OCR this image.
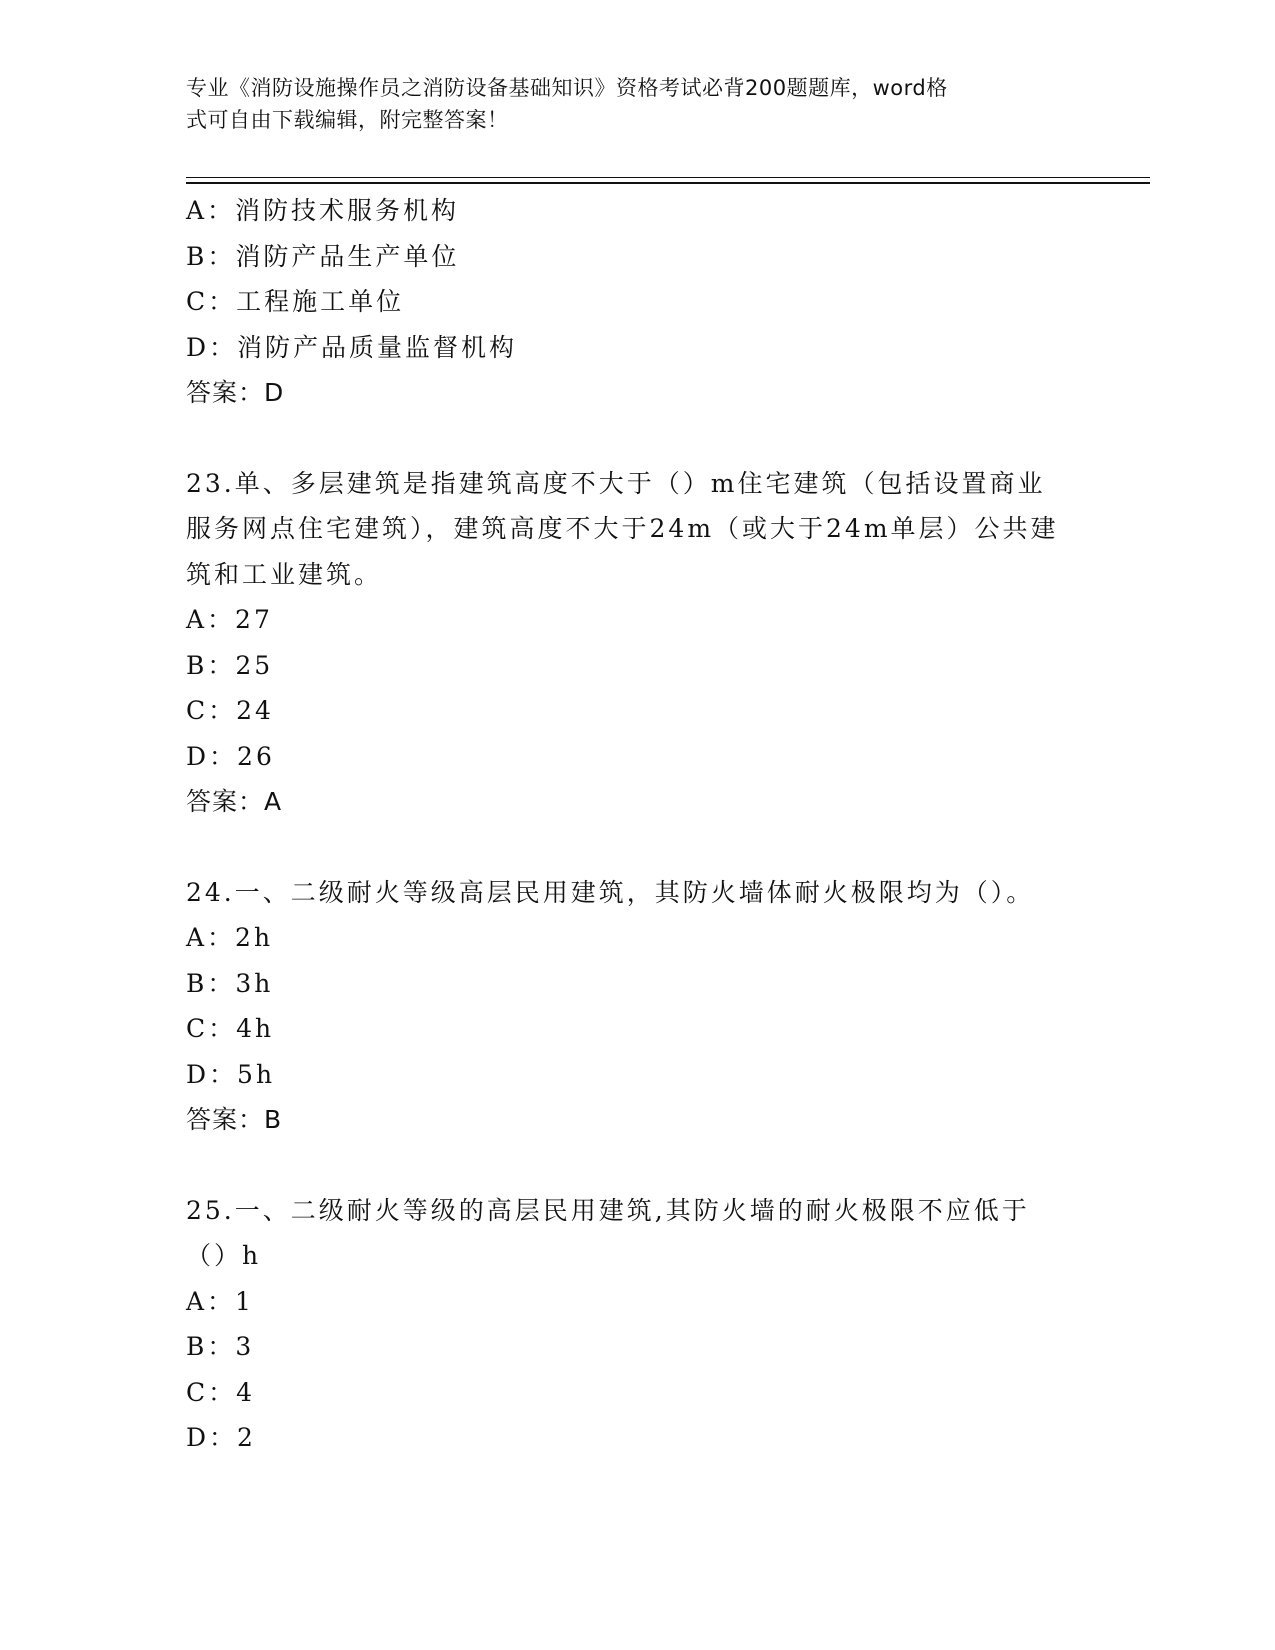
专业《消防设施操作员之消防设备基础知识》资格考试必背200题题库，word格
式可自由下载编辑，附完整答案！
A：消防技术服务机构
B：消防产品生产单位
C：工程施工单位
D：消防产品质量监督机构
答案：D
23.单、多层建筑是指建筑高度不大于（）m住宅建筑（包括设置商业
服务网点住宅建筑），建筑高度不大于24m（或大于24m单层）公共建
筑和工业建筑。
A：27
B：25
C：24
D：26
答案：A
24.一、二级耐火等级高层民用建筑，其防火墙体耐火极限均为（）。
A：2h
B：3h
C：4h
D：5h
答案：B
25.一、二级耐火等级的高层民用建筑,其防火墙的耐火极限不应低于
（）h
A：1
B：3
C：4
D：2
